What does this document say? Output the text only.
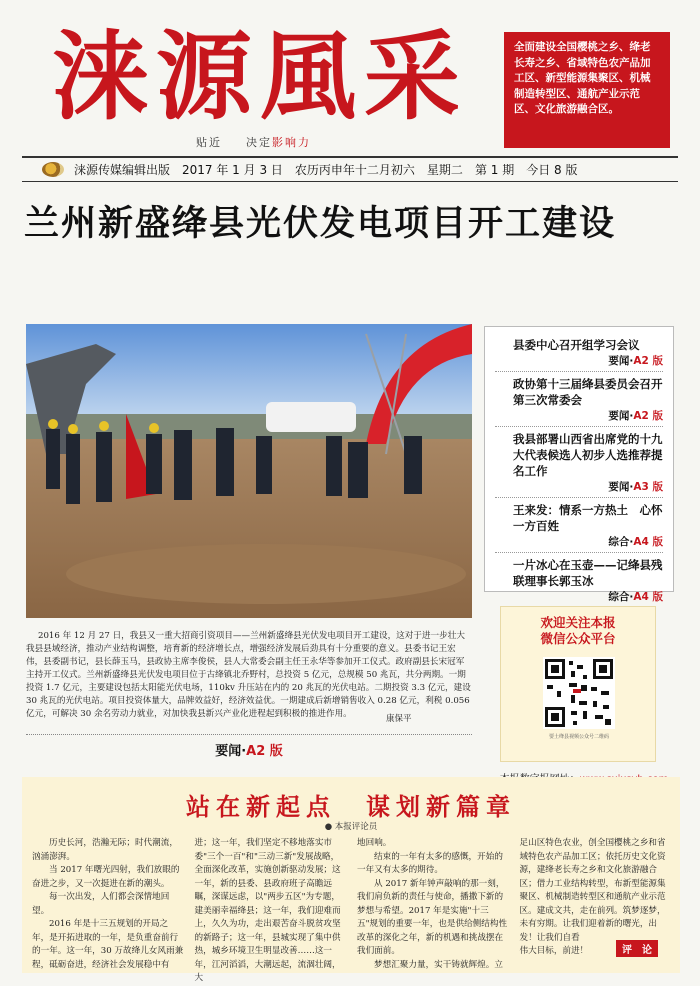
涞源風采
贴近   决定影响力
全面建设全国樱桃之乡、绛老长寿之乡、省域特色农产品加工区、新型能源集聚区、机械制造转型区、通航产业示范区、文化旅游融合区。
涞源传媒编辑出版 2017 年 1 月 3 日 农历丙申年十二月初六 星期二 第 1 期 今日 8 版
兰州新盛绛县光伏发电项目开工建设

2016 年 12 月 27 日，我县又一重大招商引资项目——兰州新盛绛县光伏发电项目开工建设，这对于进一步壮大我县县域经济，推动产业结构调整，培育新的经济增长点，增强经济发展后劲具有十分重要的意义。县委书记王宏伟，县委副书记，县长薛玉马，县政协主席李俊侯，县人大常委会副主任王永华等参加开工仪式。政府副县长宋冠军主持开工仪式。兰州新盛绛县光伏发电项目位于古绛镇北乔野村，总投资 5 亿元，总规模 50 兆瓦，共分两期。一期投资 1.7 亿元，主要建设包括太阳能光伏电场，110kv 升压站在内的 20 兆瓦的光伏电站。二期投资 3.3 亿元，建设 30 兆瓦的光伏电站。项目投资体量大，品牌效益好，经济效益优。一期建成后新增销售收入 0.28 亿元，利税 0.056 亿元，可解决 30 余名劳动力就业，对加快我县新兴产业化进程起到积极的推进作用。	康保平
要闻·A2 版
县委中心召开组学习会议
要闻·A2 版
政协第十三届绛县委员会召开第三次常委会
要闻·A2 版
我县部署山西省出席党的十九大代表候选人初步人选推荐提名工作
要闻·A3 版
王来发：情系一方热土　心怀一方百姓
综合·A4 版
一片冰心在玉壶——记绛县残联理事长郭玉冰
综合·A4 版
欢迎关注本报
微信公众平台
要土绛县视频公众号二维码
站在新起点　谋划新篇章
● 本报评论员

历史长河，浩瀚无际；时代潮流，汹涌澎湃。

当 2017 年曙光四射，我们放眼的奋进之步，又一次挺进在新的潮头。

每一次出发，人们都会深情地回望。

2016 年是十三五规划的开局之年，是开拓进取的一年，是负重奋前行的一年。这一年，30 万故绛儿女风雨兼程，砥砺奋进，经济社会发展稳中有

进；这一年，我们坚定不移地落实市委"三个一百"和"三动三新"发展战略，全面深化改革，实施创新驱动发展；这一年，新的县委、县政府班子高瞻远瞩，深谋远虑，以"两步五区"为专题，建美丽幸福绛县；这一年，我们迎难而上，久久为功，走出艰苦奋斗脱贫攻坚的新路子；这一年，县城实现了集中供热，城乡环境卫生明显改善……这一年，江河滔滔，大潮远起，流涸壮阔，大

地回响。

结束的一年有太多的感慨，开始的一年又有太多的期待。

从 2017 新年钟声敲响的那一刻，我们肩负新的责任与使命，播撒下新的梦想与希望。2017 年是实施"十三五"规划的重要一年，也是供给侧结构性改革的深化之年，新的机遇和挑战摆在我们面前。

梦想汇聚力量，实干铸就辉煌。立

足山区特色农业，创全国樱桃之乡和省域特色农产品加工区；依托历史文化资源，建绛老长寿之乡和文化旅游融合区；借力工业结构转型，布新型能源集聚区、机械制造转型区和通航产业示范区。建成文共，走在前列。筑梦逐梦，未有穷期。让我们迎着新的曙光，出发！让我们自看

伟大目标，前进！	评　论
